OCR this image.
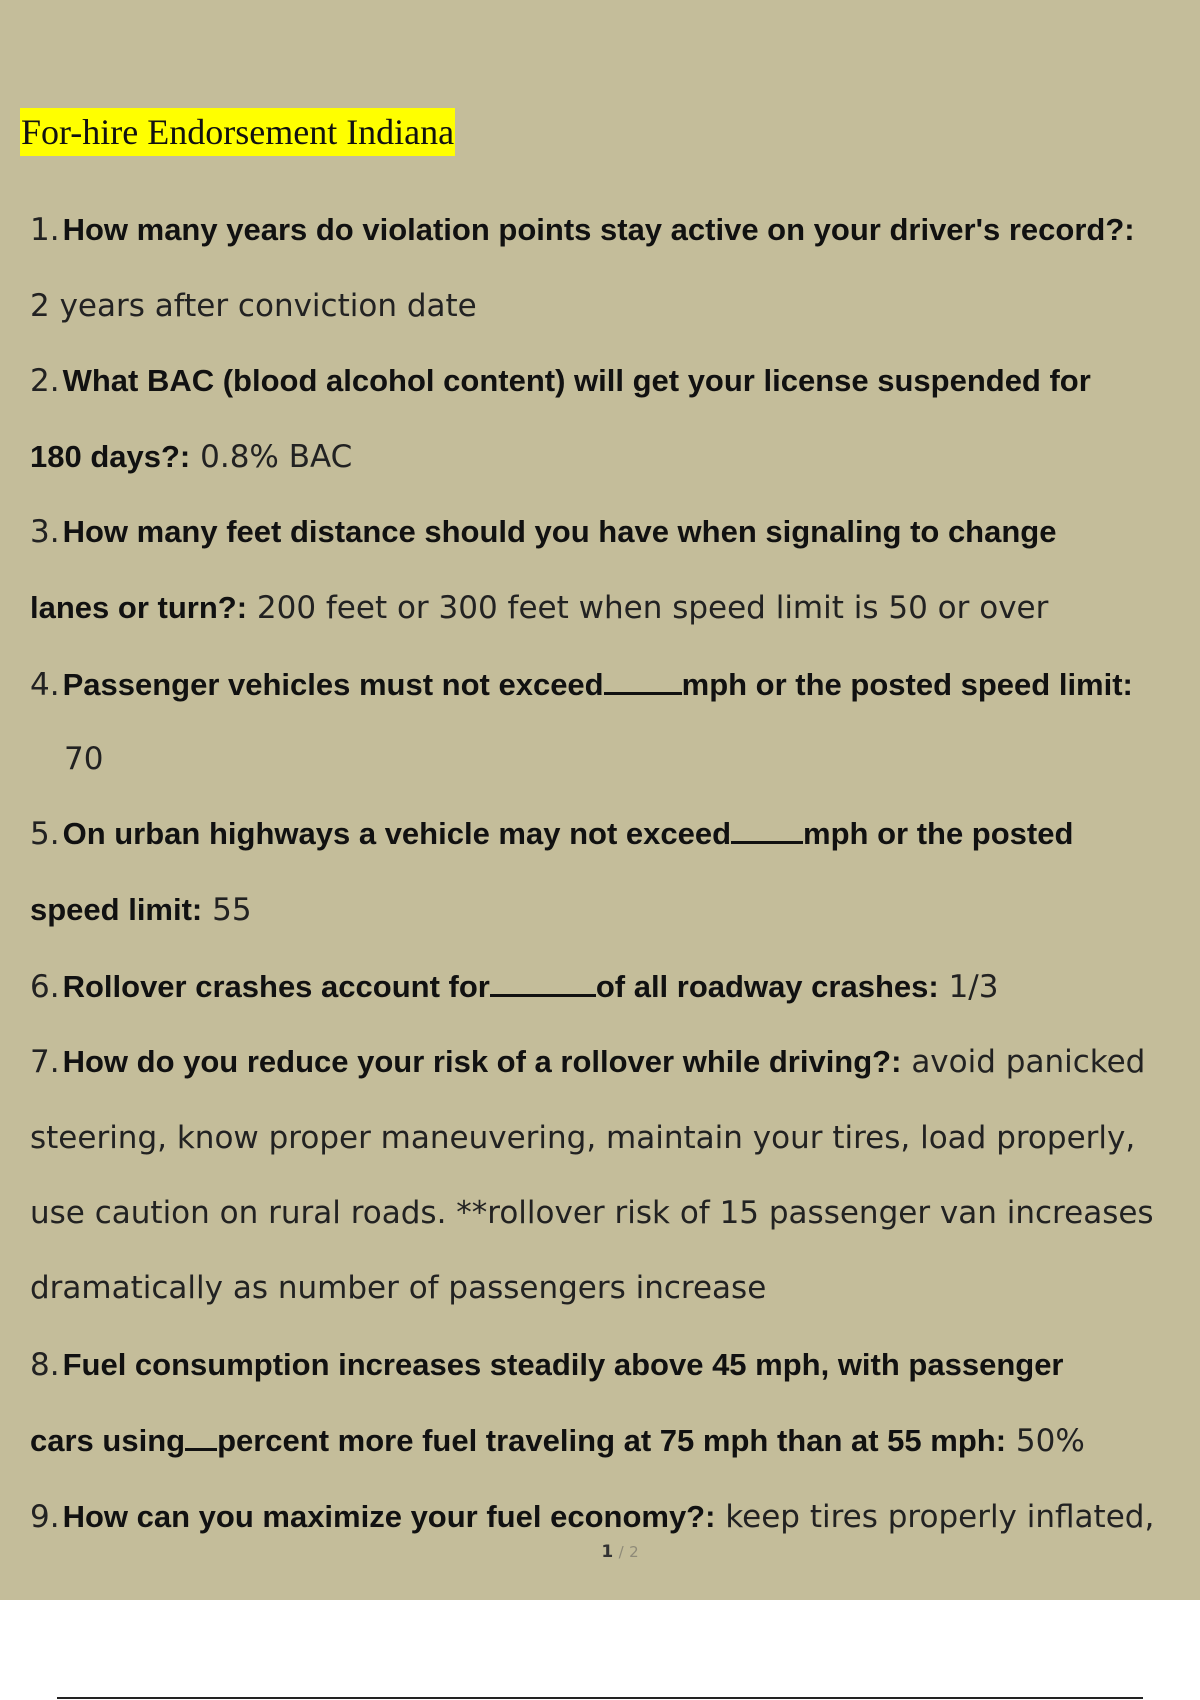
For-hire Endorsement Indiana
1.How many years do violation points stay active on your driver's record?:
2 years after conviction date
2.What BAC (blood alcohol content) will get your license suspended for
180 days?: 0.8% BAC
3.How many feet distance should you have when signaling to change
lanes or turn?: 200 feet or 300 feet when speed limit is 50 or over
4.Passenger vehicles must not exceed	mph or the posted speed limit:
70
5.On urban highways a vehicle may not exceed mph or the posted
speed limit: 55
6.Rollover crashes account for	of all roadway crashes: 1/3
7.How do you reduce your risk of a rollover while driving?: avoid panicked
steering, know proper maneuvering, maintain your tires, load properly,
use caution on rural roads. **rollover risk of 15 passenger van increases
dramatically as number of passengers increase
8.Fuel consumption increases steadily above 45 mph, with passenger
cars using percent more fuel traveling at 75 mph than at 55 mph: 50%
9.How can you maximize your fuel economy?: keep tires properly inflated,
1 / 2
